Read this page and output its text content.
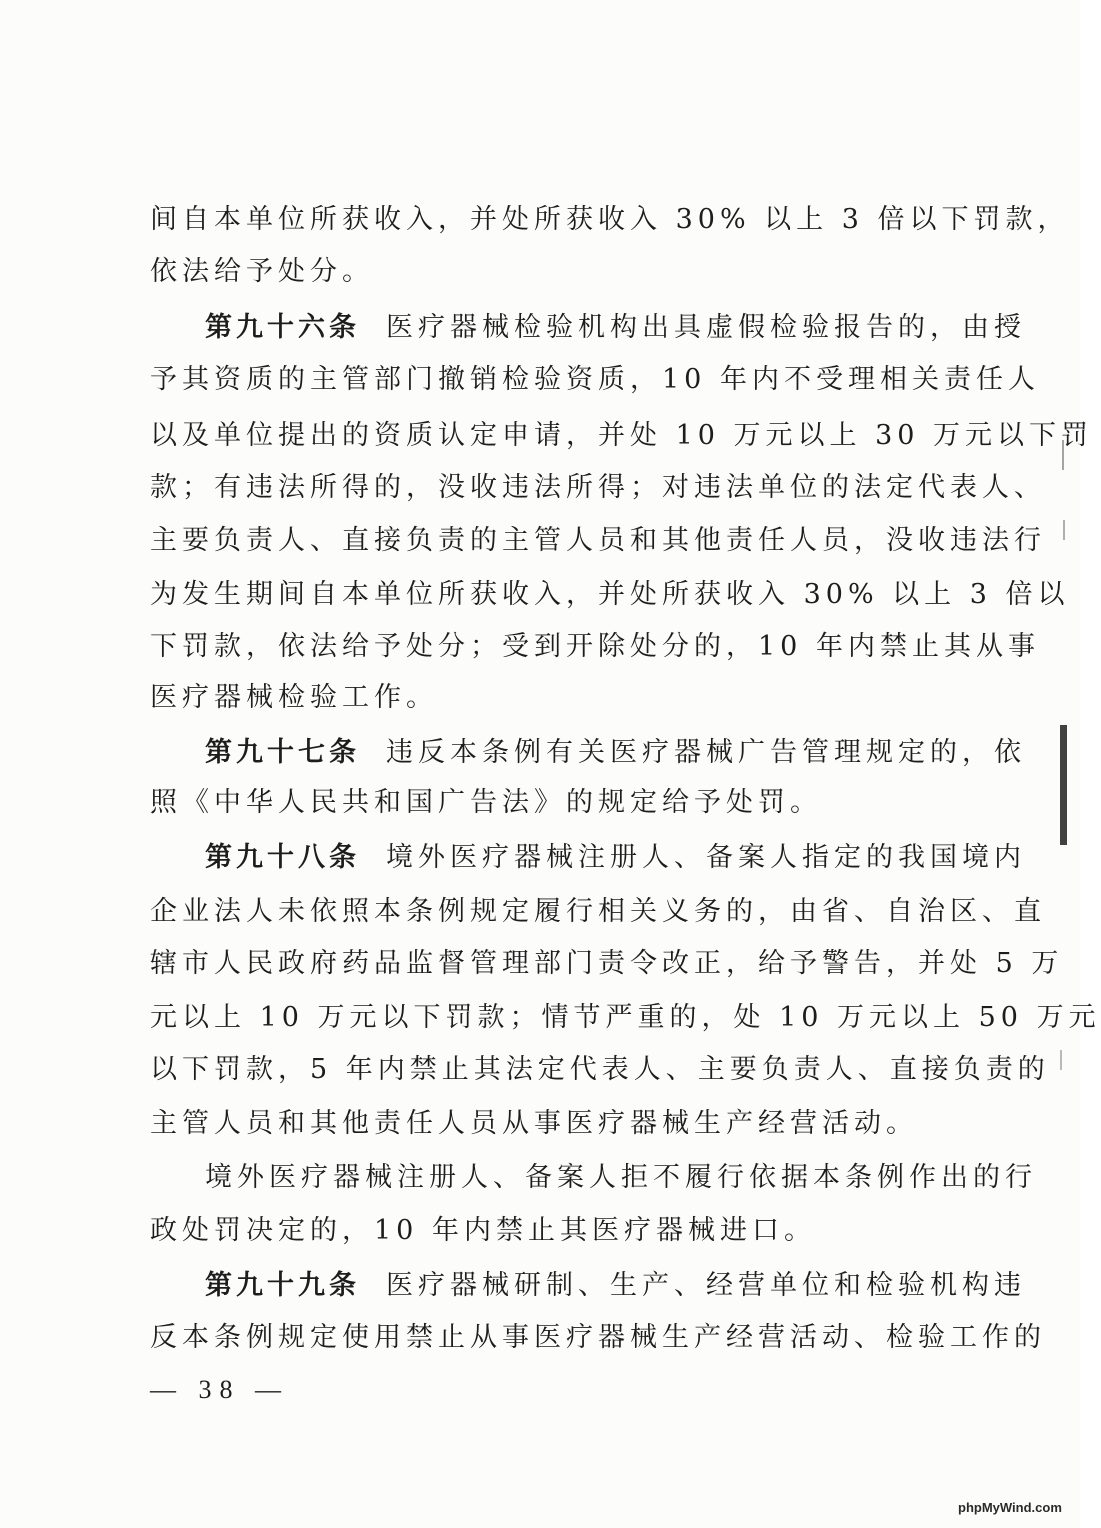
间自本单位所获收入，并处所获收入 30% 以上 3 倍以下罚款，
依法给予处分。
第九十六条 医疗器械检验机构出具虚假检验报告的，由授
予其资质的主管部门撤销检验资质，10 年内不受理相关责任人
以及单位提出的资质认定申请，并处 10 万元以上 30 万元以下罚
款；有违法所得的，没收违法所得；对违法单位的法定代表人、
主要负责人、直接负责的主管人员和其他责任人员，没收违法行
为发生期间自本单位所获收入，并处所获收入 30% 以上 3 倍以
下罚款，依法给予处分；受到开除处分的，10 年内禁止其从事
医疗器械检验工作。
第九十七条 违反本条例有关医疗器械广告管理规定的，依
照《中华人民共和国广告法》的规定给予处罚。
第九十八条 境外医疗器械注册人、备案人指定的我国境内
企业法人未依照本条例规定履行相关义务的，由省、自治区、直
辖市人民政府药品监督管理部门责令改正，给予警告，并处 5 万
元以上 10 万元以下罚款；情节严重的，处 10 万元以上 50 万元
以下罚款，5 年内禁止其法定代表人、主要负责人、直接负责的
主管人员和其他责任人员从事医疗器械生产经营活动。
境外医疗器械注册人、备案人拒不履行依据本条例作出的行
政处罚决定的，10 年内禁止其医疗器械进口。
第九十九条 医疗器械研制、生产、经营单位和检验机构违
反本条例规定使用禁止从事医疗器械生产经营活动、检验工作的
— 38 —
phpMyWind.com
